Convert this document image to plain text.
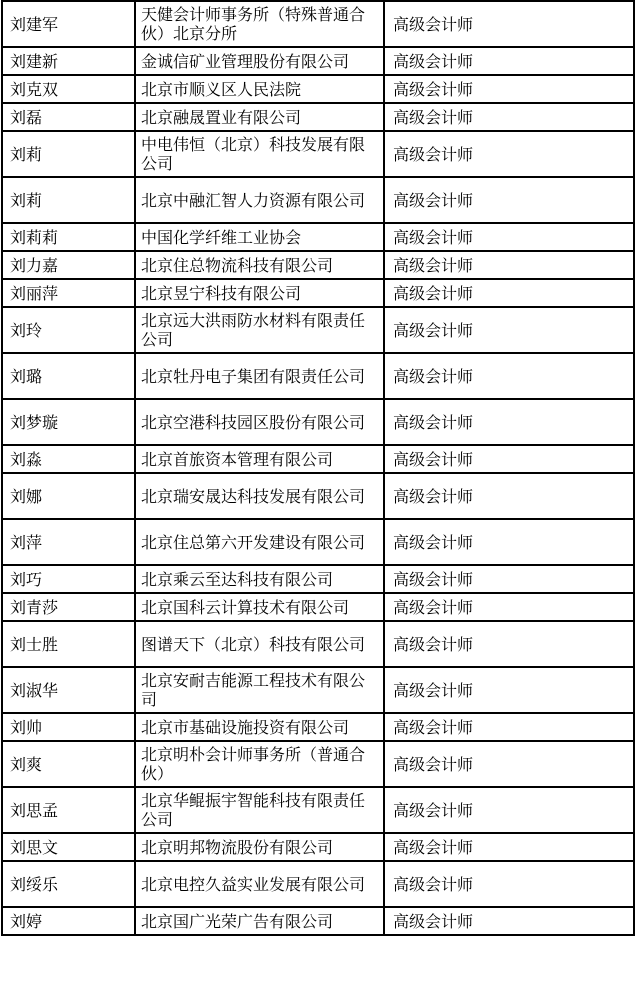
刘建军	天健会计师事务所（特殊普通合伙）北京分所	高级会计师
刘建新	金诚信矿业管理股份有限公司	高级会计师
刘克双	北京市顺义区人民法院	高级会计师
刘磊	北京融晟置业有限公司	高级会计师
刘莉	中电伟恒（北京）科技发展有限公司	高级会计师
刘莉	北京中融汇智人力资源有限公司	高级会计师
刘莉莉	中国化学纤维工业协会	高级会计师
刘力嘉	北京住总物流科技有限公司	高级会计师
刘丽萍	北京昱宁科技有限公司	高级会计师
刘玲	北京远大洪雨防水材料有限责任公司	高级会计师
刘璐	北京牡丹电子集团有限责任公司	高级会计师
刘梦璇	北京空港科技园区股份有限公司	高级会计师
刘淼	北京首旅资本管理有限公司	高级会计师
刘娜	北京瑞安晟达科技发展有限公司	高级会计师
刘萍	北京住总第六开发建设有限公司	高级会计师
刘巧	北京乘云至达科技有限公司	高级会计师
刘青莎	北京国科云计算技术有限公司	高级会计师
刘士胜	图谱天下（北京）科技有限公司	高级会计师
刘淑华	北京安耐吉能源工程技术有限公司	高级会计师
刘帅	北京市基础设施投资有限公司	高级会计师
刘爽	北京明朴会计师事务所（普通合伙）	高级会计师
刘思孟	北京华鲲振宇智能科技有限责任公司	高级会计师
刘思文	北京明邦物流股份有限公司	高级会计师
刘绥乐	北京电控久益实业发展有限公司	高级会计师
刘婷	北京国广光荣广告有限公司	高级会计师
